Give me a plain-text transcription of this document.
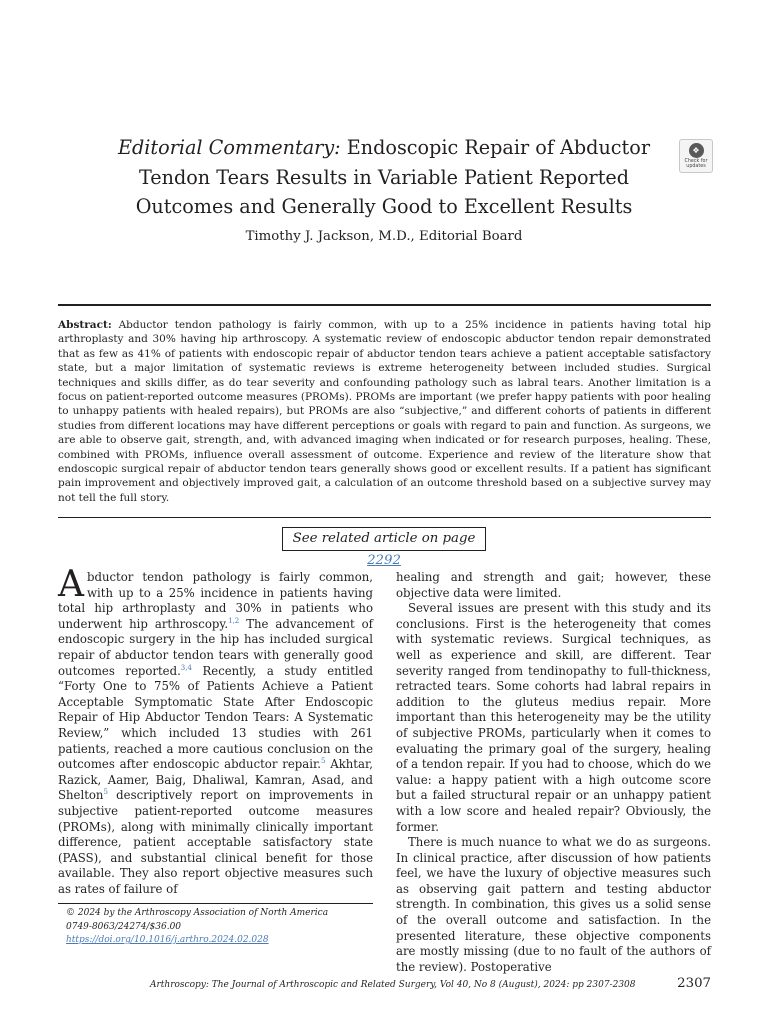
Editorial Commentary: Endoscopic Repair of Abductor Tendon Tears Results in Variable Patient Reported Outcomes and Generally Good to Excellent Results
❖
Check for
updates
Timothy J. Jackson, M.D., Editorial Board

Abstract: Abductor tendon pathology is fairly common, with up to a 25% incidence in patients having total hip arthroplasty and 30% having hip arthroscopy. A systematic review of endoscopic abductor tendon repair demonstrated that as few as 41% of patients with endoscopic repair of abductor tendon tears achieve a patient acceptable satisfactory state, but a major limitation of systematic reviews is extreme heterogeneity between included studies. Surgical techniques and skills differ, as do tear severity and confounding pathology such as labral tears. Another limitation is a focus on patient-reported outcome measures (PROMs). PROMs are important (we prefer happy patients with poor healing to unhappy patients with healed repairs), but PROMs are also “subjective,” and different cohorts of patients in different studies from different locations may have different perceptions or goals with regard to pain and function. As surgeons, we are able to observe gait, strength, and, with advanced imaging when indicated or for research purposes, healing. These, combined with PROMs, influence overall assessment of outcome. Experience and review of the literature show that endoscopic surgical repair of abductor tendon tears generally shows good or excellent results. If a patient has significant pain improvement and objectively improved gait, a calculation of an outcome threshold based on a subjective survey may not tell the full story.

See related article on page 2292

Abductor tendon pathology is fairly common, with up to a 25% incidence in patients having total hip arthroplasty and 30% in patients who underwent hip arthroscopy.$^{1,2}$ The advancement of endoscopic surgery in the hip has included surgical repair of abductor tendon tears with generally good outcomes reported.$^{3,4}$ Recently, a study entitled “Forty One to 75% of Patients Achieve a Patient Acceptable Symptomatic State After Endoscopic Repair of Hip Abductor Tendon Tears: A Systematic Review,” which included 13 studies with 261 patients, reached a more cautious conclusion on the outcomes after endoscopic abductor repair.$^5$ Akhtar, Razick, Aamer, Baig, Dhaliwal, Kamran, Asad, and Shelton$^5$ descriptively report on improvements in subjective patient-reported outcome measures (PROMs), along with minimally clinically important difference, patient acceptable satisfactory state (PASS), and substantial clinical benefit for those available. They also report objective measures such as rates of failure of

© 2024 by the Arthroscopy Association of North America
0749-8063/24274/$36.00
https://doi.org/10.1016/j.arthro.2024.02.028

healing and strength and gait; however, these objective data were limited.

Several issues are present with this study and its conclusions. First is the heterogeneity that comes with systematic reviews. Surgical techniques, as well as experience and skill, are different. Tear severity ranged from tendinopathy to full-thickness, retracted tears. Some cohorts had labral repairs in addition to the gluteus medius repair. More important than this heterogeneity may be the utility of subjective PROMs, particularly when it comes to evaluating the primary goal of the surgery, healing of a tendon repair. If you had to choose, which do we value: a happy patient with a high outcome score but a failed structural repair or an unhappy patient with a low score and healed repair? Obviously, the former.

There is much nuance to what we do as surgeons. In clinical practice, after discussion of how patients feel, we have the luxury of objective measures such as observing gait pattern and testing abductor strength. In combination, this gives us a solid sense of the overall outcome and satisfaction. In the presented literature, these objective components are mostly missing (due to no fault of the authors of the review). Postoperative

Arthroscopy: The Journal of Arthroscopic and Related Surgery, Vol 40, No 8 (August), 2024: pp 2307-2308	2307
